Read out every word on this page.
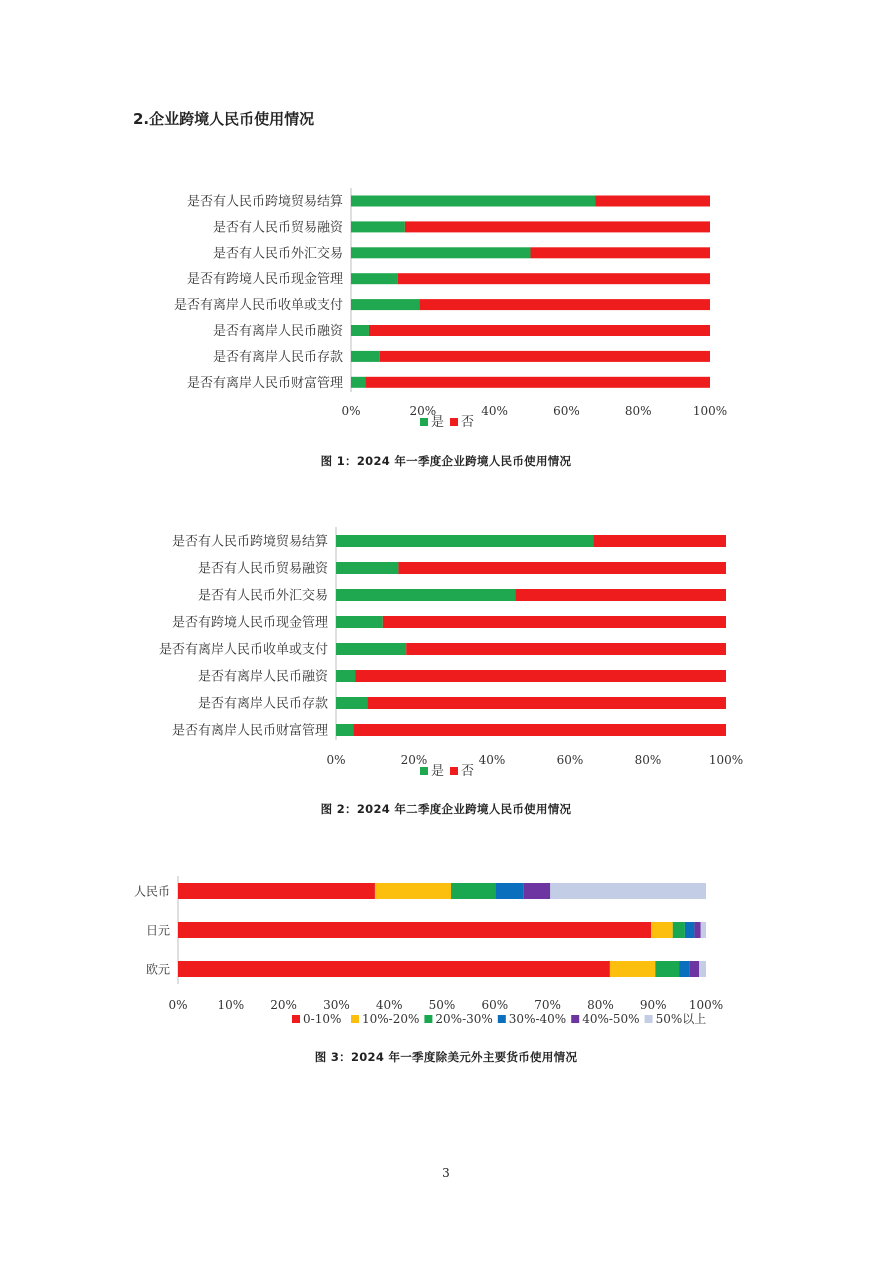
2.企业跨境人民币使用情况
是否有人民币跨境贸易结算
是否有人民币贸易融资
是否有人民币外汇交易
是否有跨境人民币现金管理
是否有离岸人民币收单或支付
是否有离岸人民币融资
是否有离岸人民币存款
是否有离岸人民币财富管理
0%	20%	40%	60%	80%	100%
是 否
图 1：2024 年一季度企业跨境人民币使用情况
是否有人民币跨境贸易结算
是否有人民币贸易融资
是否有人民币外汇交易
是否有跨境人民币现金管理
是否有离岸人民币收单或支付
是否有离岸人民币融资
是否有离岸人民币存款
是否有离岸人民币财富管理
0%	20%	40%	60%	80%	100%
是 否
图 2：2024 年二季度企业跨境人民币使用情况
人民币
日元
欧元
0% 10% 20% 30% 40% 50% 60% 70% 80% 90% 100%
0-10% 10%-20% 20%-30% 30%-40% 40%-50% 50%以上
图 3：2024 年一季度除美元外主要货币使用情况
3
